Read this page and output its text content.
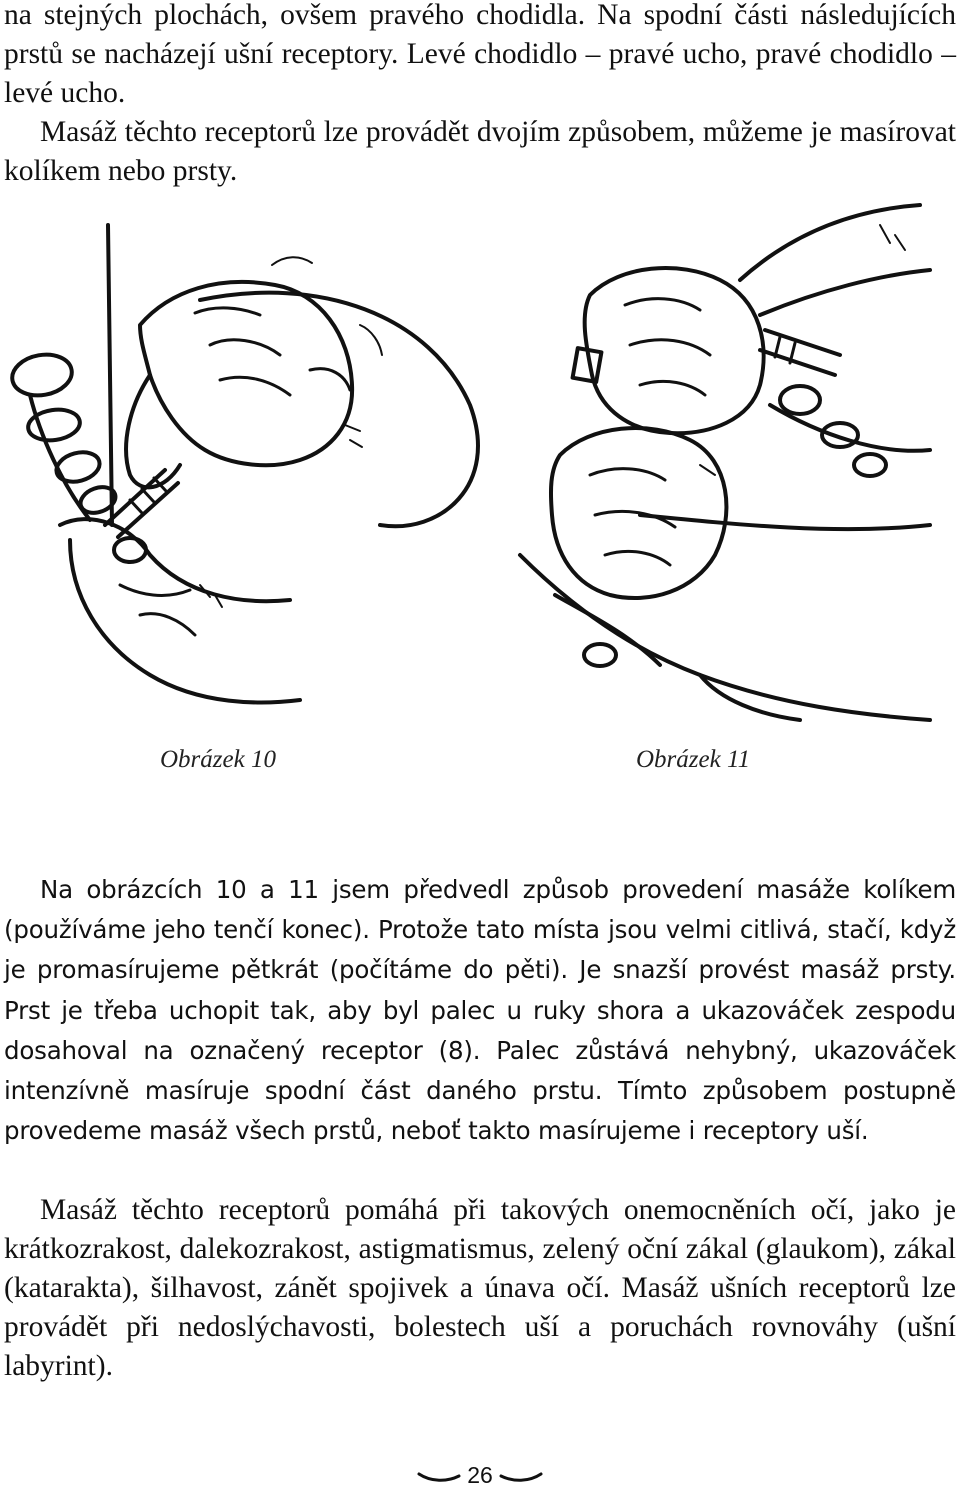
na stejných plochách, ovšem pravého chodidla. Na spodní části následujících prstů se nacházejí ušní receptory. Levé chodidlo – pravé ucho, pravé chodidlo – levé ucho.

Masáž těchto receptorů lze provádět dvojím způsobem, můžeme je masírovat kolíkem nebo prsty.

Obrázek 10	Obrázek 11

Na obrázcích 10 a 11 jsem předvedl způsob provedení masáže kolíkem (používáme jeho tenčí konec). Protože tato místa jsou velmi citlivá, stačí, když je promasírujeme pětkrát (počítáme do pěti). Je snazší provést masáž prsty. Prst je třeba uchopit tak, aby byl palec u ruky shora a ukazováček zespodu dosahoval na označený receptor (8). Palec zůstává nehybný, ukazováček intenzívně masíruje spodní část daného prstu. Tímto způsobem postupně provedeme masáž všech prstů, neboť takto masírujeme i receptory uší.

Masáž těchto receptorů pomáhá při takových onemocněních očí, jako je krátkozrakost, dalekozrakost, astigmatismus, zelený oční zákal (glaukom), zákal (katarakta), šilhavost, zánět spojivek a únava očí. Masáž ušních receptorů lze provádět při nedoslýchavosti, bolestech uší a poruchách rovnováhy (ušní labyrint).

26
